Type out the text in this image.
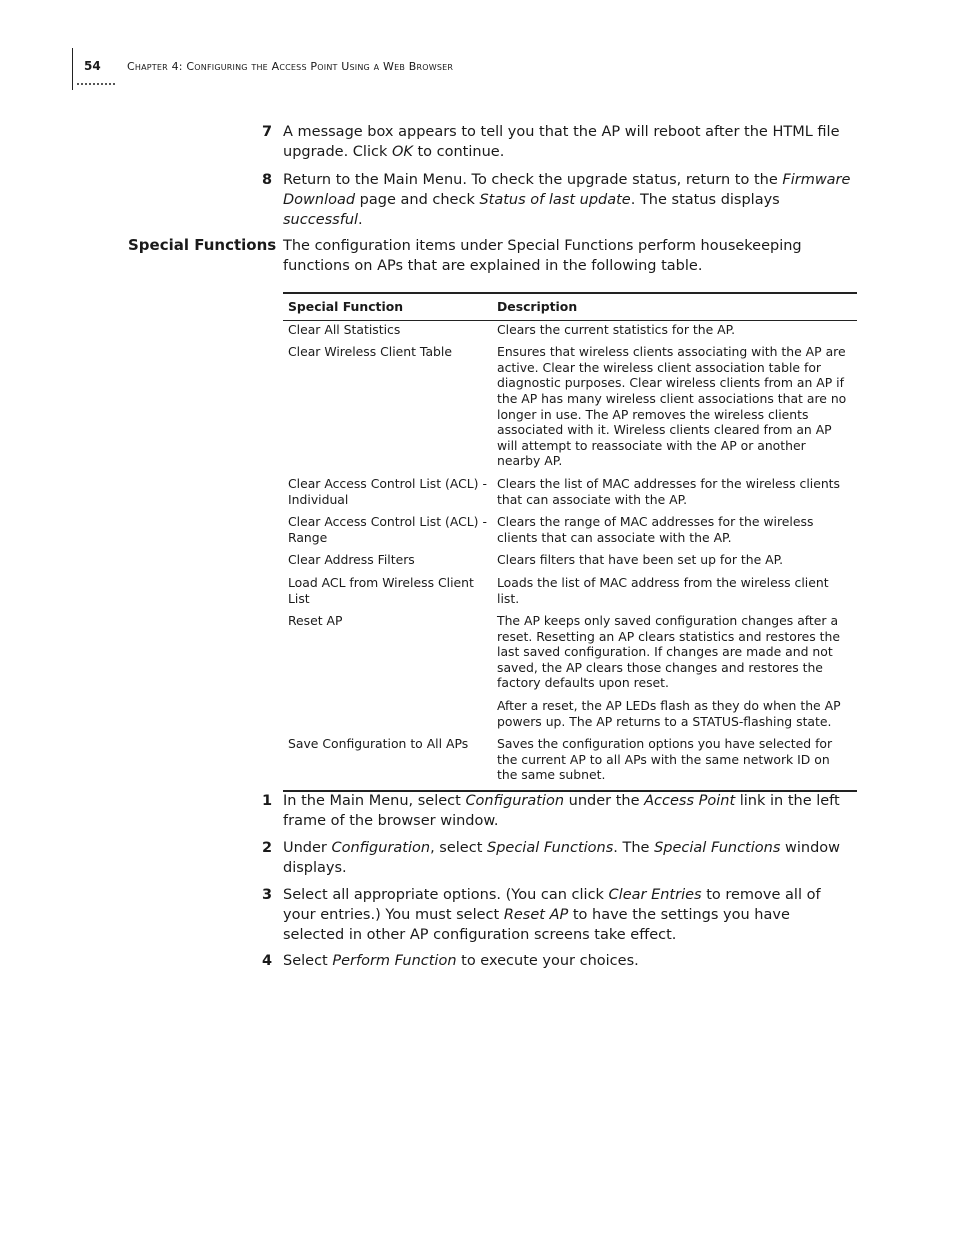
54 Chapter 4: Configuring the Access Point Using a Web Browser
7 A message box appears to tell you that the AP will reboot after the HTML file upgrade. Click OK to continue.
8 Return to the Main Menu. To check the upgrade status, return to the Firmware Download page and check Status of last update. The status displays successful.
Special Functions The configuration items under Special Functions perform housekeeping functions on APs that are explained in the following table.
Special Function	Description
Clear All Statistics	Clears the current statistics for the AP.

Clear Wireless Client Table	Ensures that wireless clients associating with the AP are active. Clear the wireless client association table for diagnostic purposes. Clear wireless clients from an AP if the AP has many wireless client associations that are no longer in use. The AP removes the wireless clients associated with it. Wireless clients cleared from an AP will attempt to reassociate with the AP or another nearby AP.

Clear Access Control List (ACL) - Individual	Clears the list of MAC addresses for the wireless clients that can associate with the AP.

Clear Access Control List (ACL) - Range	Clears the range of MAC addresses for the wireless clients that can associate with the AP.

Clear Address Filters	Clears filters that have been set up for the AP.

Load ACL from Wireless Client List	Loads the list of MAC address from the wireless client list.

Reset AP	The AP keeps only saved configuration changes after a reset. Resetting an AP clears statistics and restores the last saved configuration. If changes are made and not saved, the AP clears those changes and restores the factory defaults upon reset.

After a reset, the AP LEDs flash as they do when the AP powers up. The AP returns to a STATUS-flashing state.

Save Configuration to All APs	Saves the configuration options you have selected for the current AP to all APs with the same network ID on the same subnet.

1 In the Main Menu, select Configuration under the Access Point link in the left frame of the browser window.
2 Under Configuration, select Special Functions. The Special Functions window displays.
3 Select all appropriate options. (You can click Clear Entries to remove all of your entries.) You must select Reset AP to have the settings you have selected in other AP configuration screens take effect.
4 Select Perform Function to execute your choices.
